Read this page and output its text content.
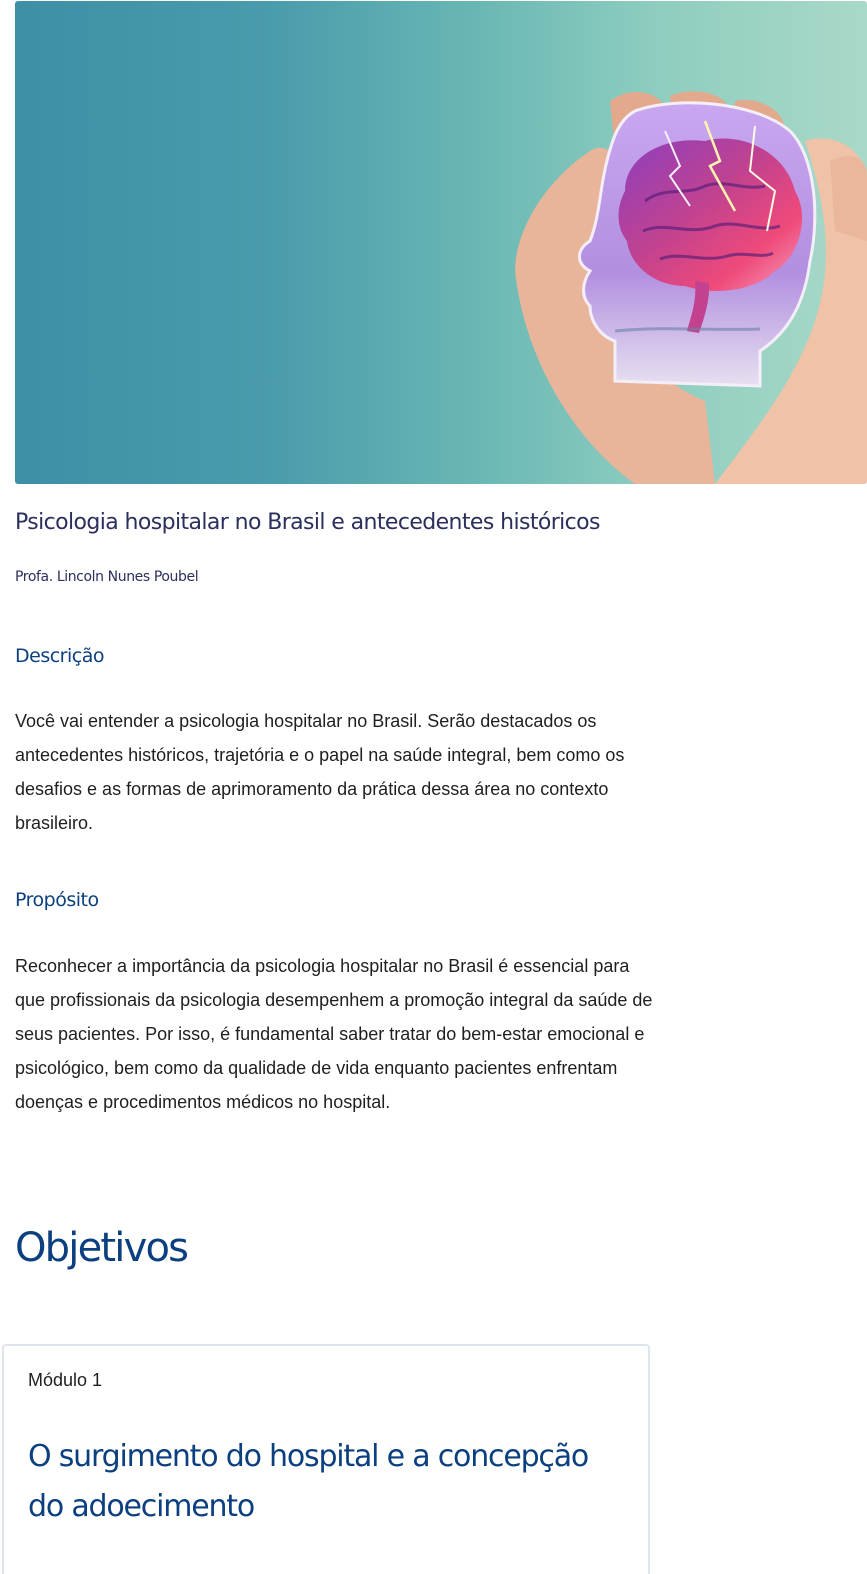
Psicologia hospitalar no Brasil e antecedentes históricos
Profa. Lincoln Nunes Poubel
Descrição

Você vai entender a psicologia hospitalar no Brasil. Serão destacados os antecedentes históricos, trajetória e o papel na saúde integral, bem como os desafios e as formas de aprimoramento da prática dessa área no contexto brasileiro.

Propósito

Reconhecer a importância da psicologia hospitalar no Brasil é essencial para que profissionais da psicologia desempenhem a promoção integral da saúde de seus pacientes. Por isso, é fundamental saber tratar do bem-estar emocional e psicológico, bem como da qualidade de vida enquanto pacientes enfrentam doenças e procedimentos médicos no hospital.

Objetivos
Módulo 1
O surgimento do hospital e a concepção do adoecimento
